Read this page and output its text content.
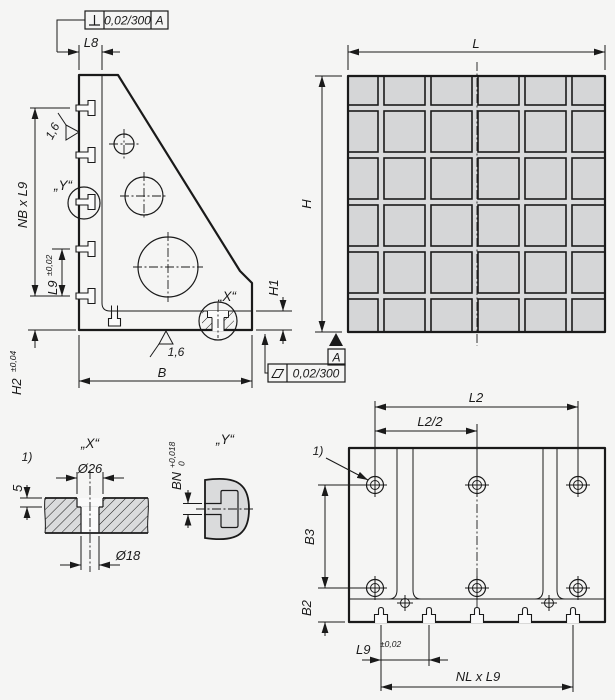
„X“
„Y“
1,6
1,6
0,02/300 A
L8
NB x L9
L9
±0,02
H2
±0,04
B
H1
0,02/300
L
H
A
L2
L2/2
1)
B3
B2
L9 ±0,02
NL x L9
1)
„X“
Ø26
5
Ø18
„Y“
BN
+0,018 0
